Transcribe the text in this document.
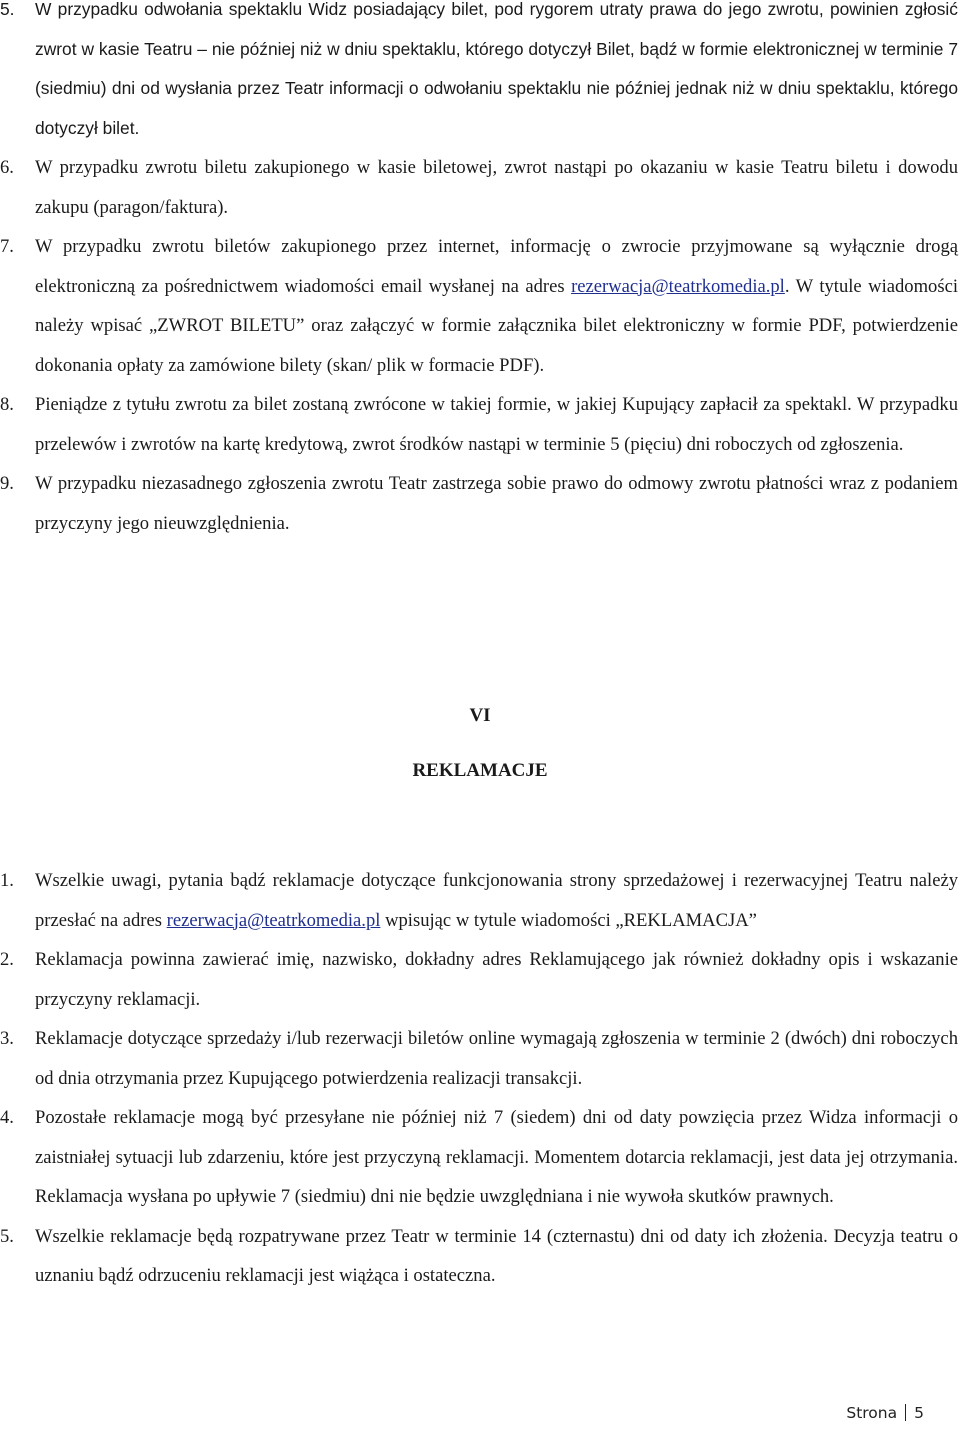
5.	W przypadku odwołania spektaklu Widz posiadający bilet, pod rygorem utraty prawa do jego zwrotu, powinien zgłosić zwrot w kasie Teatru – nie później niż w dniu spektaklu, którego dotyczył Bilet, bądź w formie elektronicznej w terminie 7 (siedmiu) dni od wysłania przez Teatr informacji o odwołaniu spektaklu nie później jednak niż w dniu spektaklu, którego dotyczył bilet.
6.	W przypadku zwrotu biletu zakupionego w kasie biletowej, zwrot nastąpi po okazaniu w kasie Teatru biletu i dowodu zakupu (paragon/faktura).
7.	W przypadku zwrotu biletów zakupionego przez internet, informację o zwrocie przyjmowane są wyłącznie drogą elektroniczną za pośrednictwem wiadomości email wysłanej na adres rezerwacja@teatrkomedia.pl. W tytule wiadomości należy wpisać „ZWROT BILETU” oraz załączyć w formie załącznika bilet elektroniczny w formie PDF, potwierdzenie dokonania opłaty za zamówione bilety (skan/ plik w formacie PDF).
8.	Pieniądze z tytułu zwrotu za bilet zostaną zwrócone w takiej formie, w jakiej Kupujący zapłacił za spektakl. W przypadku przelewów i zwrotów na kartę kredytową, zwrot środków nastąpi w terminie 5 (pięciu) dni roboczych od zgłoszenia.
9.	W przypadku niezasadnego zgłoszenia zwrotu Teatr zastrzega sobie prawo do odmowy zwrotu płatności wraz z podaniem przyczyny jego nieuwzględnienia.
VI
REKLAMACJE
1.	Wszelkie uwagi, pytania bądź reklamacje dotyczące funkcjonowania strony sprzedażowej i rezerwacyjnej Teatru należy przesłać na adres rezerwacja@teatrkomedia.pl wpisując w tytule wiadomości „REKLAMACJA”
2.	Reklamacja powinna zawierać imię, nazwisko, dokładny adres Reklamującego jak również dokładny opis i wskazanie przyczyny reklamacji.
3.	Reklamacje dotyczące sprzedaży i/lub rezerwacji biletów online wymagają zgłoszenia w terminie 2 (dwóch) dni roboczych od dnia otrzymania przez Kupującego potwierdzenia realizacji transakcji.
4.	Pozostałe reklamacje mogą być przesyłane nie później niż 7 (siedem) dni od daty powzięcia przez Widza informacji o zaistniałej sytuacji lub zdarzeniu, które jest przyczyną reklamacji. Momentem dotarcia reklamacji, jest data jej otrzymania. Reklamacja wysłana po upływie 7 (siedmiu) dni nie będzie uwzględniana i nie wywoła skutków prawnych.
5.	Wszelkie reklamacje będą rozpatrywane przez Teatr w terminie 14 (czternastu) dni od daty ich złożenia. Decyzja teatru o uznaniu bądź odrzuceniu reklamacji jest wiążąca i ostateczna.
Strona 5
